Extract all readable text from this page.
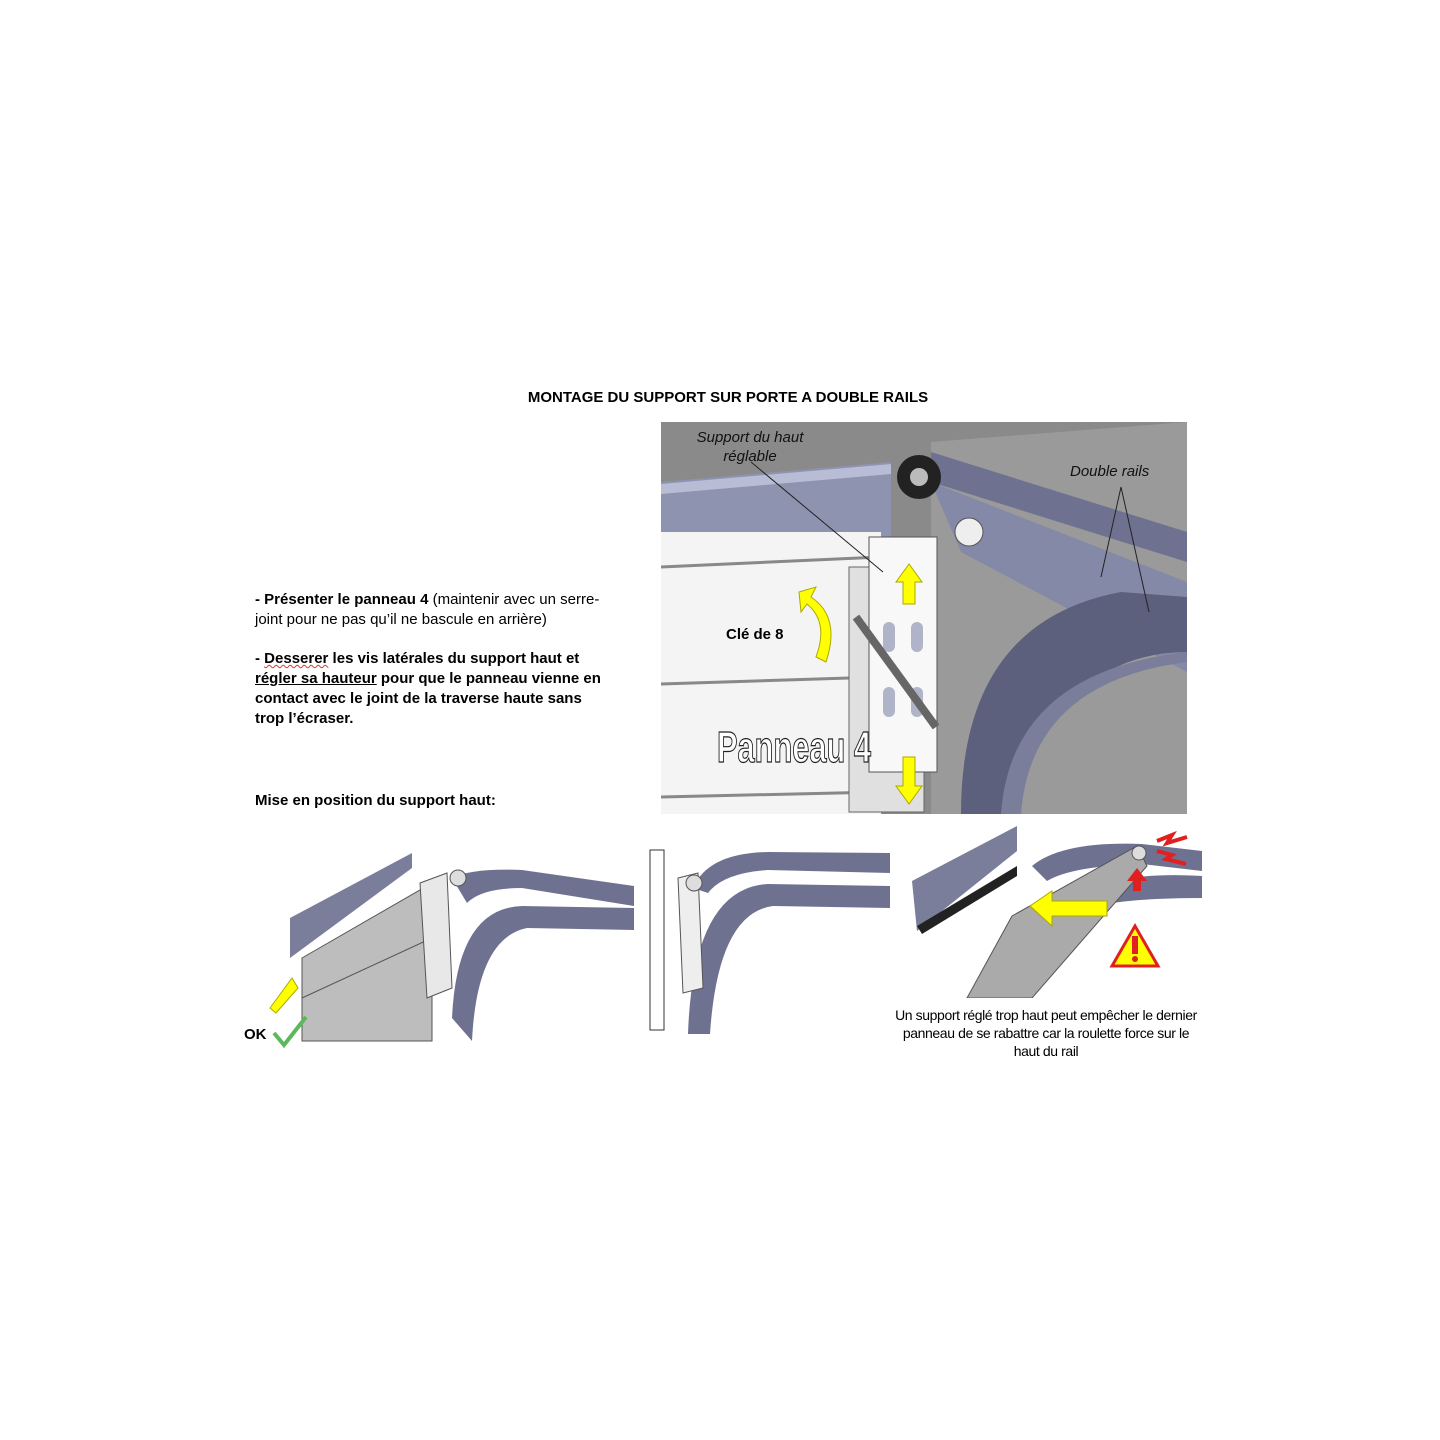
MONTAGE DU SUPPORT SUR PORTE A DOUBLE RAILS

- Présenter le panneau 4 (maintenir avec un serre-joint pour ne pas qu’il ne bascule en arrière)

- Desserer les vis latérales du support haut et régler sa hauteur pour que le panneau vienne en contact avec le joint de la traverse haute sans trop l’écraser.

Mise en position du support haut:
Panneau 4
Support du haut réglable
Double rails
Clé de 8
OK
Un support réglé trop haut peut empêcher le dernier panneau de se rabattre car la roulette force sur le haut du rail
